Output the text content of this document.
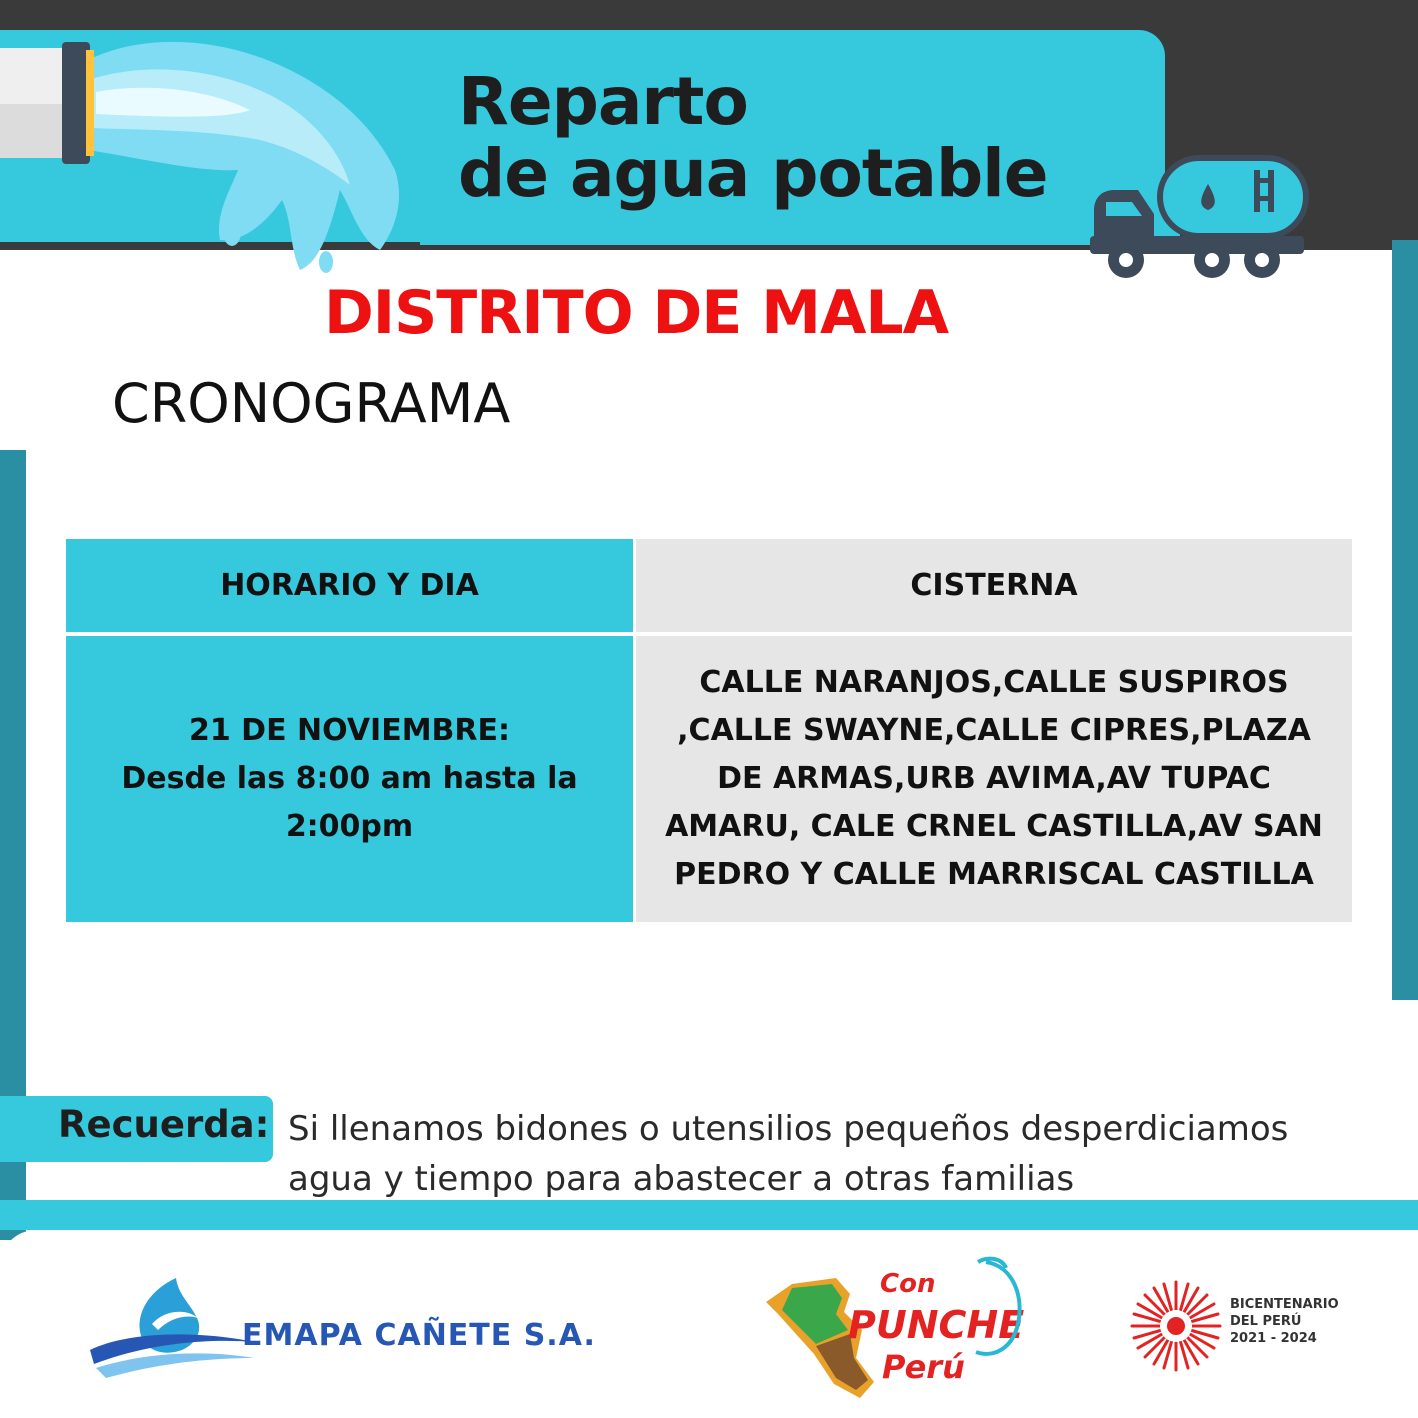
Reparto
de agua potable
DISTRITO DE MALA

CRONOGRAMA

HORARIO Y DIA	CISTERNA
21 DE NOVIEMBRE:
Desde las 8:00 am hasta la 2:00pm
CALLE NARANJOS,CALLE SUSPIROS ,CALLE SWAYNE,CALLE CIPRES,PLAZA DE ARMAS,URB AVIMA,AV TUPAC AMARU, CALE CRNEL CASTILLA,AV SAN PEDRO Y CALLE MARRISCAL CASTILLA

Recuerda: Si llenamos bidones o utensilios pequeños desperdiciamos agua y tiempo para abastecer a otras familias

EMAPA CAÑETE S.A.

Con
PUNCHE
Perú

BICENTENARIO
DEL PERÚ
2021 - 2024
